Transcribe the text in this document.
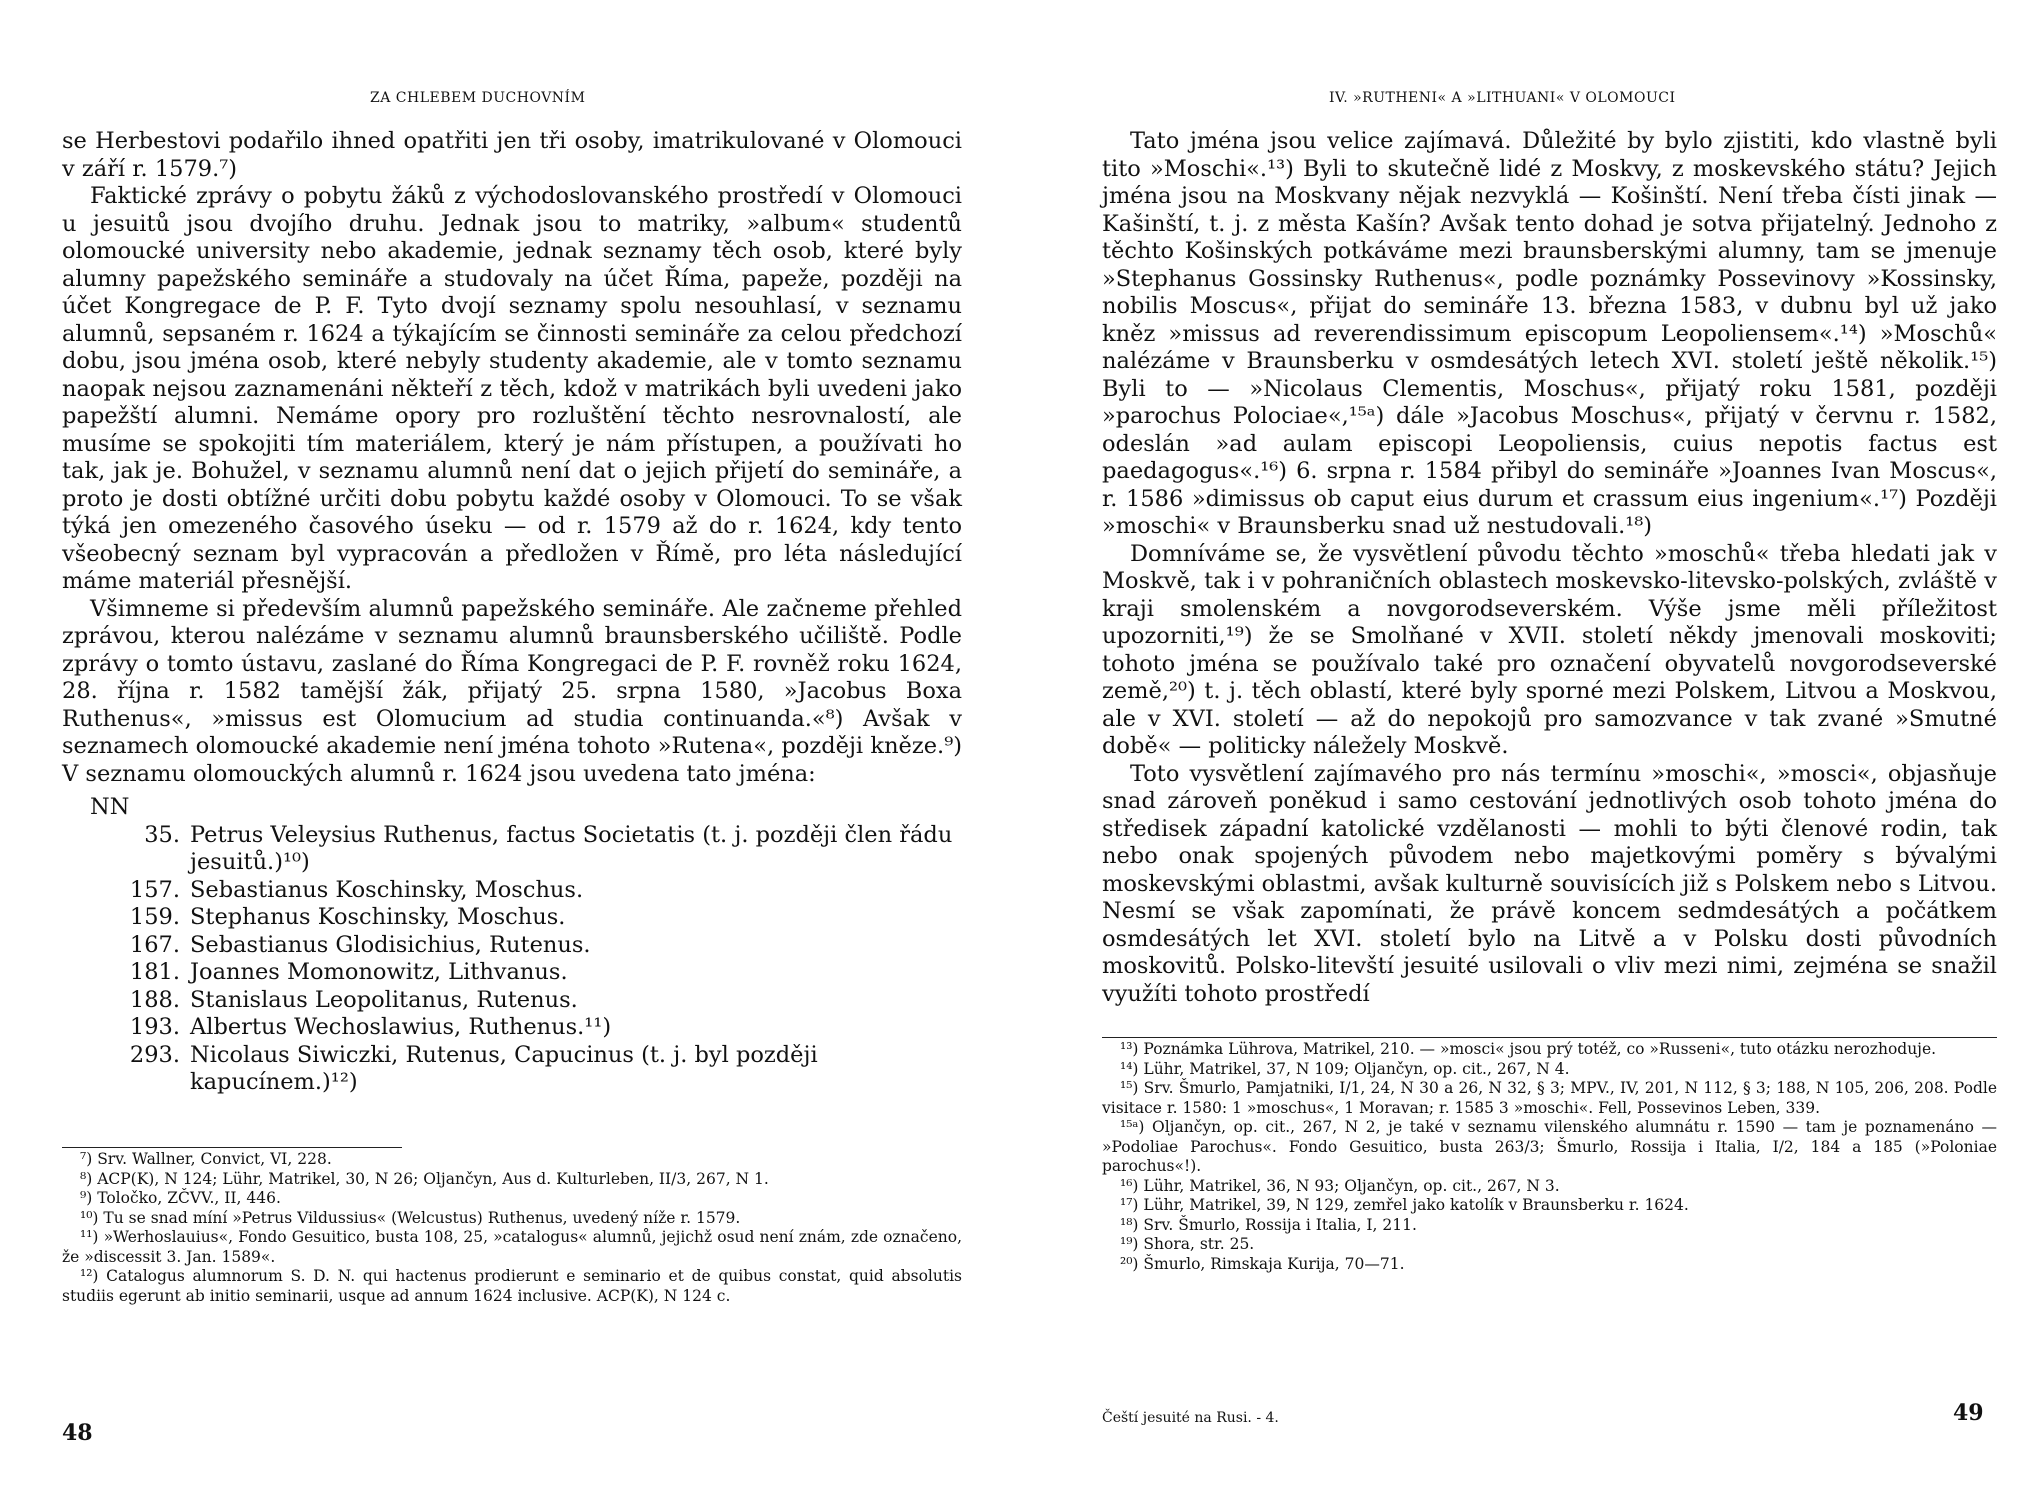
ZA CHLEBEM DUCHOVNÍM

se Herbestovi podařilo ihned opatřiti jen tři osoby, imatrikulované v Olomouci v září r. 1579.⁷)

Faktické zprávy o pobytu žáků z východoslovanského prostředí v Olomouci u jesuitů jsou dvojího druhu. Jednak jsou to matriky, »album« studentů olomoucké university nebo akademie, jednak seznamy těch osob, které byly alumny papežského semináře a studovaly na účet Říma, papeže, později na účet Kongregace de P. F. Tyto dvojí seznamy spolu nesouhlasí, v seznamu alumnů, sepsaném r. 1624 a týkajícím se činnosti semináře za celou předchozí dobu, jsou jména osob, které nebyly studenty akademie, ale v tomto seznamu naopak nejsou zaznamenáni někteří z těch, kdož v matrikách byli uvedeni jako papežští alumni. Nemáme opory pro rozluštění těchto nesrovnalostí, ale musíme se spokojiti tím materiálem, který je nám přístupen, a používati ho tak, jak je. Bohužel, v seznamu alumnů není dat o jejich přijetí do semináře, a proto je dosti obtížné určiti dobu pobytu každé osoby v Olomouci. To se však týká jen omezeného časového úseku — od r. 1579 až do r. 1624, kdy tento všeobecný seznam byl vypracován a předložen v Římě, pro léta následující máme materiál přesnější.

Všimneme si především alumnů papežského semináře. Ale začneme přehled zprávou, kterou nalézáme v seznamu alumnů braunsberského učiliště. Podle zprávy o tomto ústavu, zaslané do Říma Kongregaci de P. F. rovněž roku 1624, 28. října r. 1582 tamější žák, přijatý 25. srpna 1580, »Jacobus Boxa Ruthenus«, »missus est Olomucium ad studia continuanda.«⁸) Avšak v seznamech olomoucké akademie není jména tohoto »Rutena«, později kněze.⁹) V seznamu olomouckých alumnů r. 1624 jsou uvedena tato jména:

NN
35. Petrus Veleysius Ruthenus, factus Societatis (t. j. později člen řádu jesuitů.)¹⁰)
157. Sebastianus Koschinsky, Moschus.
159. Stephanus Koschinsky, Moschus.
167. Sebastianus Glodisichius, Rutenus.
181. Joannes Momonowitz, Lithvanus.
188. Stanislaus Leopolitanus, Rutenus.
193. Albertus Wechoslawius, Ruthenus.¹¹)
293. Nicolaus Siwiczki, Rutenus, Capucinus (t. j. byl později kapucínem.)¹²)
⁷) Srv. Wallner, Convict, VI, 228.
⁸) ACP(K), N 124; Lühr, Matrikel, 30, N 26; Oljančyn, Aus d. Kulturleben, II/3, 267, N 1.
⁹) Toločko, ZČVV., II, 446.
¹⁰) Tu se snad míní »Petrus Vildussius« (Welcustus) Ruthenus, uvedený níže r. 1579.
¹¹) »Werhoslauius«, Fondo Gesuitico, busta 108, 25, »catalogus« alumnů, jejichž osud není znám, zde označeno, že »discessit 3. Jan. 1589«.
¹²) Catalogus alumnorum S. D. N. qui hactenus prodierunt e seminario et de quibus constat, quid absolutis studiis egerunt ab initio seminarii, usque ad annum 1624 inclusive. ACP(K), N 124 c.
48
IV. »RUTHENI« A »LITHUANI« V OLOMOUCI

Tato jména jsou velice zajímavá. Důležité by bylo zjistiti, kdo vlastně byli tito »Moschi«.¹³) Byli to skutečně lidé z Moskvy, z moskevského státu? Jejich jména jsou na Moskvany nějak nezvyklá — Košinští. Není třeba čísti jinak — Kašinští, t. j. z města Kašín? Avšak tento dohad je sotva přijatelný. Jednoho z těchto Košinských potkáváme mezi braunsberskými alumny, tam se jmenuje »Stephanus Gossinsky Ruthenus«, podle poznámky Possevinovy »Kossinsky, nobilis Moscus«, přijat do semináře 13. března 1583, v dubnu byl už jako kněz »missus ad reverendissimum episcopum Leopoliensem«.¹⁴) »Moschů« nalézáme v Braunsberku v osmdesátých letech XVI. století ještě několik.¹⁵) Byli to — »Nicolaus Clementis, Moschus«, přijatý roku 1581, později »parochus Polociae«,¹⁵ᵃ) dále »Jacobus Moschus«, přijatý v červnu r. 1582, odeslán »ad aulam episcopi Leopoliensis, cuius nepotis factus est paedagogus«.¹⁶) 6. srpna r. 1584 přibyl do semináře »Joannes Ivan Moscus«, r. 1586 »dimissus ob caput eius durum et crassum eius ingenium«.¹⁷) Později »moschi« v Braunsberku snad už nestudovali.¹⁸)

Domníváme se, že vysvětlení původu těchto »moschů« třeba hledati jak v Moskvě, tak i v pohraničních oblastech moskevsko-litevsko-polských, zvláště v kraji smolenském a novgorodseverském. Výše jsme měli příležitost upozorniti,¹⁹) že se Smolňané v XVII. století někdy jmenovali moskoviti; tohoto jména se používalo také pro označení obyvatelů novgorodseverské země,²⁰) t. j. těch oblastí, které byly sporné mezi Polskem, Litvou a Moskvou, ale v XVI. století — až do nepokojů pro samozvance v tak zvané »Smutné době« — politicky náležely Moskvě.

Toto vysvětlení zajímavého pro nás termínu »moschi«, »mosci«, objasňuje snad zároveň poněkud i samo cestování jednotlivých osob tohoto jména do středisek západní katolické vzdělanosti — mohli to býti členové rodin, tak nebo onak spojených původem nebo majetkovými poměry s bývalými moskevskými oblastmi, avšak kulturně souvisících již s Polskem nebo s Litvou. Nesmí se však zapomínati, že právě koncem sedmdesátých a počátkem osmdesátých let XVI. století bylo na Litvě a v Polsku dosti původních moskovitů. Polsko-litevští jesuité usilovali o vliv mezi nimi, zejména se snažil využíti tohoto prostředí

¹³) Poznámka Lührova, Matrikel, 210. — »mosci« jsou prý totéž, co »Russeni«, tuto otázku nerozhoduje.
¹⁴) Lühr, Matrikel, 37, N 109; Oljančyn, op. cit., 267, N 4.
¹⁵) Srv. Šmurlo, Pamjatniki, I/1, 24, N 30 a 26, N 32, § 3; MPV., IV, 201, N 112, § 3; 188, N 105, 206, 208. Podle visitace r. 1580: 1 »moschus«, 1 Moravan; r. 1585 3 »moschi«. Fell, Possevinos Leben, 339.
¹⁵ᵃ) Oljančyn, op. cit., 267, N 2, je také v seznamu vilenského alumnátu r. 1590 — tam je poznamenáno — »Podoliae Parochus«. Fondo Gesuitico, busta 263/3; Šmurlo, Rossija i Italia, I/2, 184 a 185 (»Poloniae parochus«!).
¹⁶) Lühr, Matrikel, 36, N 93; Oljančyn, op. cit., 267, N 3.
¹⁷) Lühr, Matrikel, 39, N 129, zemřel jako katolík v Braunsberku r. 1624.
¹⁸) Srv. Šmurlo, Rossija i Italia, I, 211.
¹⁹) Shora, str. 25.
²⁰) Šmurlo, Rimskaja Kurija, 70—71.
Čeští jesuité na Rusi. - 4.	49
